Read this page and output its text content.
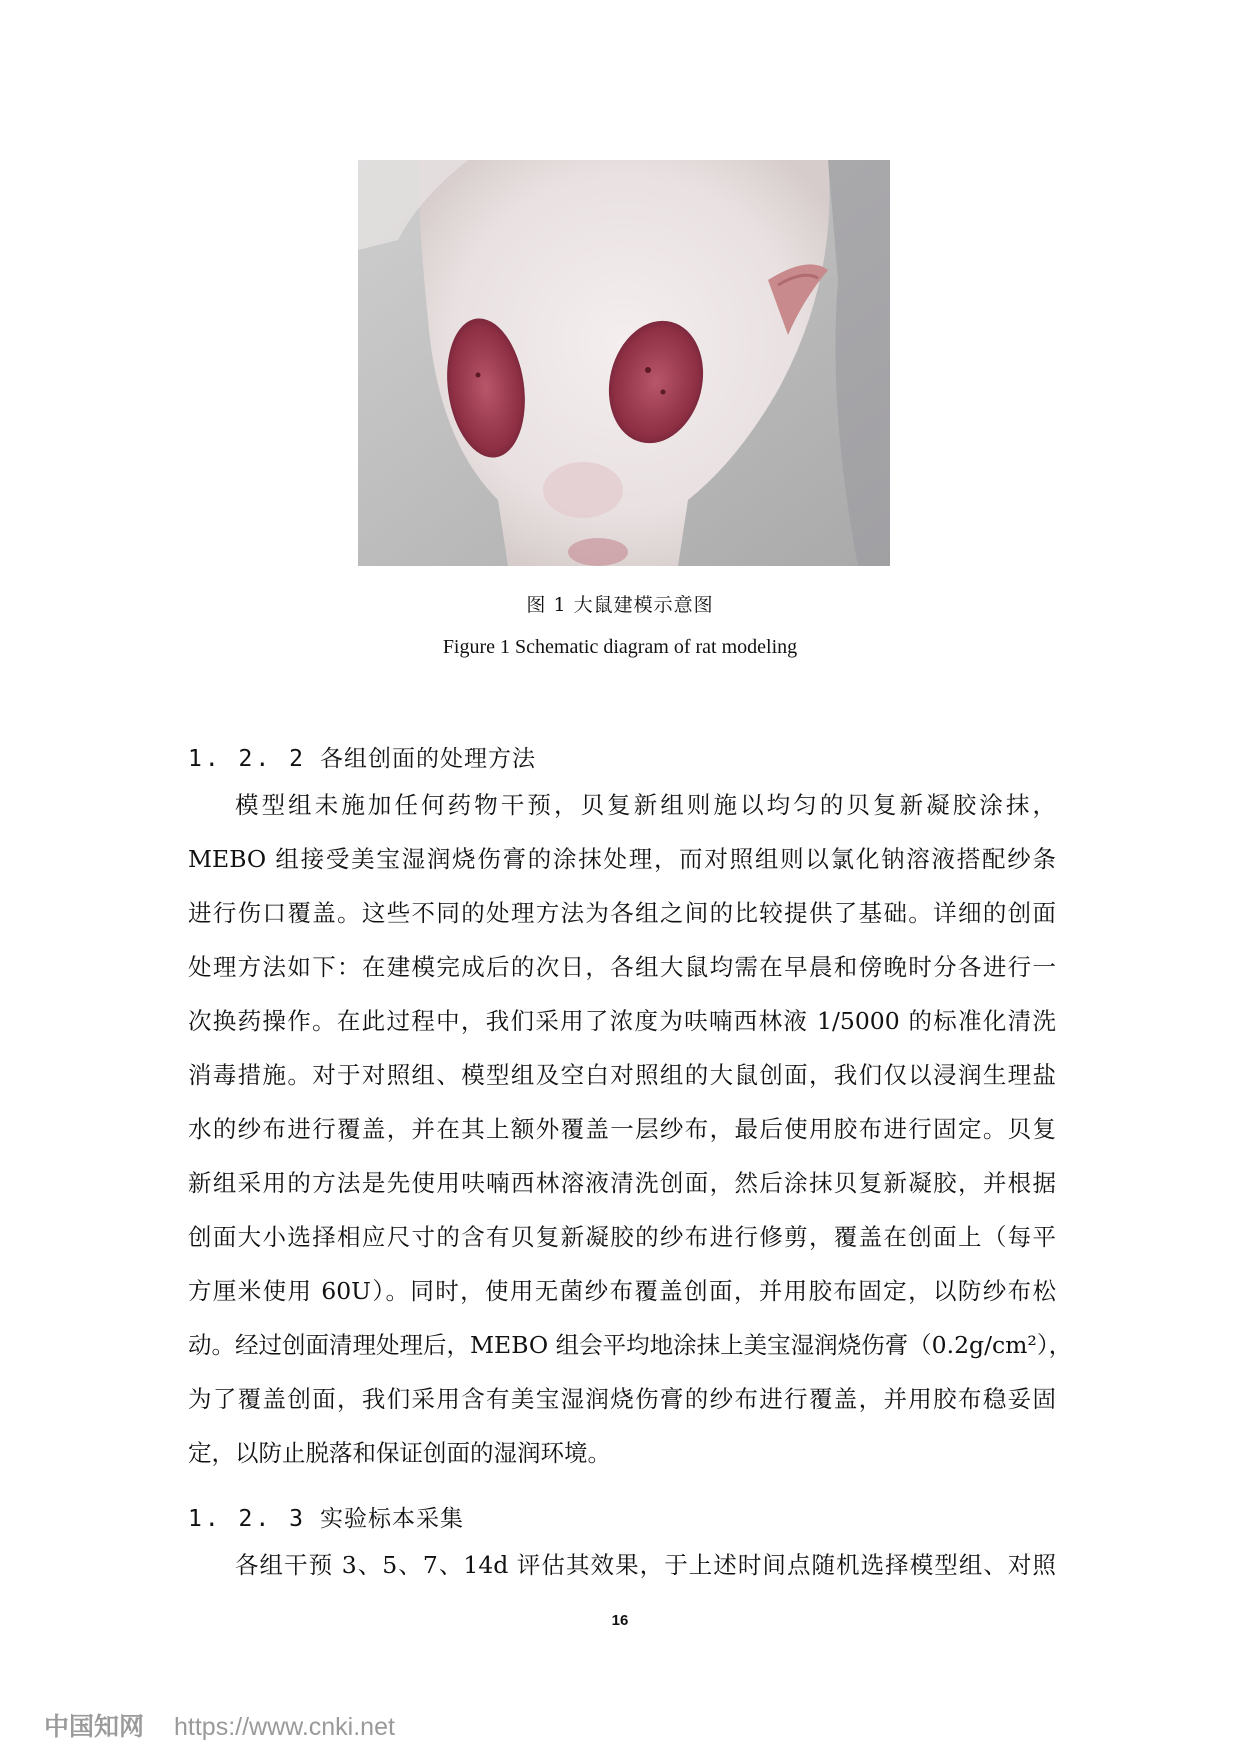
图 1 大鼠建模示意图
Figure 1 Schematic diagram of rat modeling
1. 2. 2 各组创面的处理方法
模型组未施加任何药物干预，贝复新组则施以均匀的贝复新凝胶涂抹，
MEBO 组接受美宝湿润烧伤膏的涂抹处理，而对照组则以氯化钠溶液搭配纱条
进行伤口覆盖。这些不同的处理方法为各组之间的比较提供了基础。详细的创面
处理方法如下：在建模完成后的次日，各组大鼠均需在早晨和傍晚时分各进行一
次换药操作。在此过程中，我们采用了浓度为呋喃西林液 1/5000 的标准化清洗
消毒措施。对于对照组、模型组及空白对照组的大鼠创面，我们仅以浸润生理盐
水的纱布进行覆盖，并在其上额外覆盖一层纱布，最后使用胶布进行固定。贝复
新组采用的方法是先使用呋喃西林溶液清洗创面，然后涂抹贝复新凝胶，并根据
创面大小选择相应尺寸的含有贝复新凝胶的纱布进行修剪，覆盖在创面上（每平
方厘米使用 60U）。同时，使用无菌纱布覆盖创面，并用胶布固定，以防纱布松
动。经过创面清理处理后，MEBO 组会平均地涂抹上美宝湿润烧伤膏（0.2g/cm²），
为了覆盖创面，我们采用含有美宝湿润烧伤膏的纱布进行覆盖，并用胶布稳妥固
定，以防止脱落和保证创面的湿润环境。
1. 2. 3 实验标本采集
各组干预 3、5、7、14d 评估其效果，于上述时间点随机选择模型组、对照
16
中国知网 https://www.cnki.net
